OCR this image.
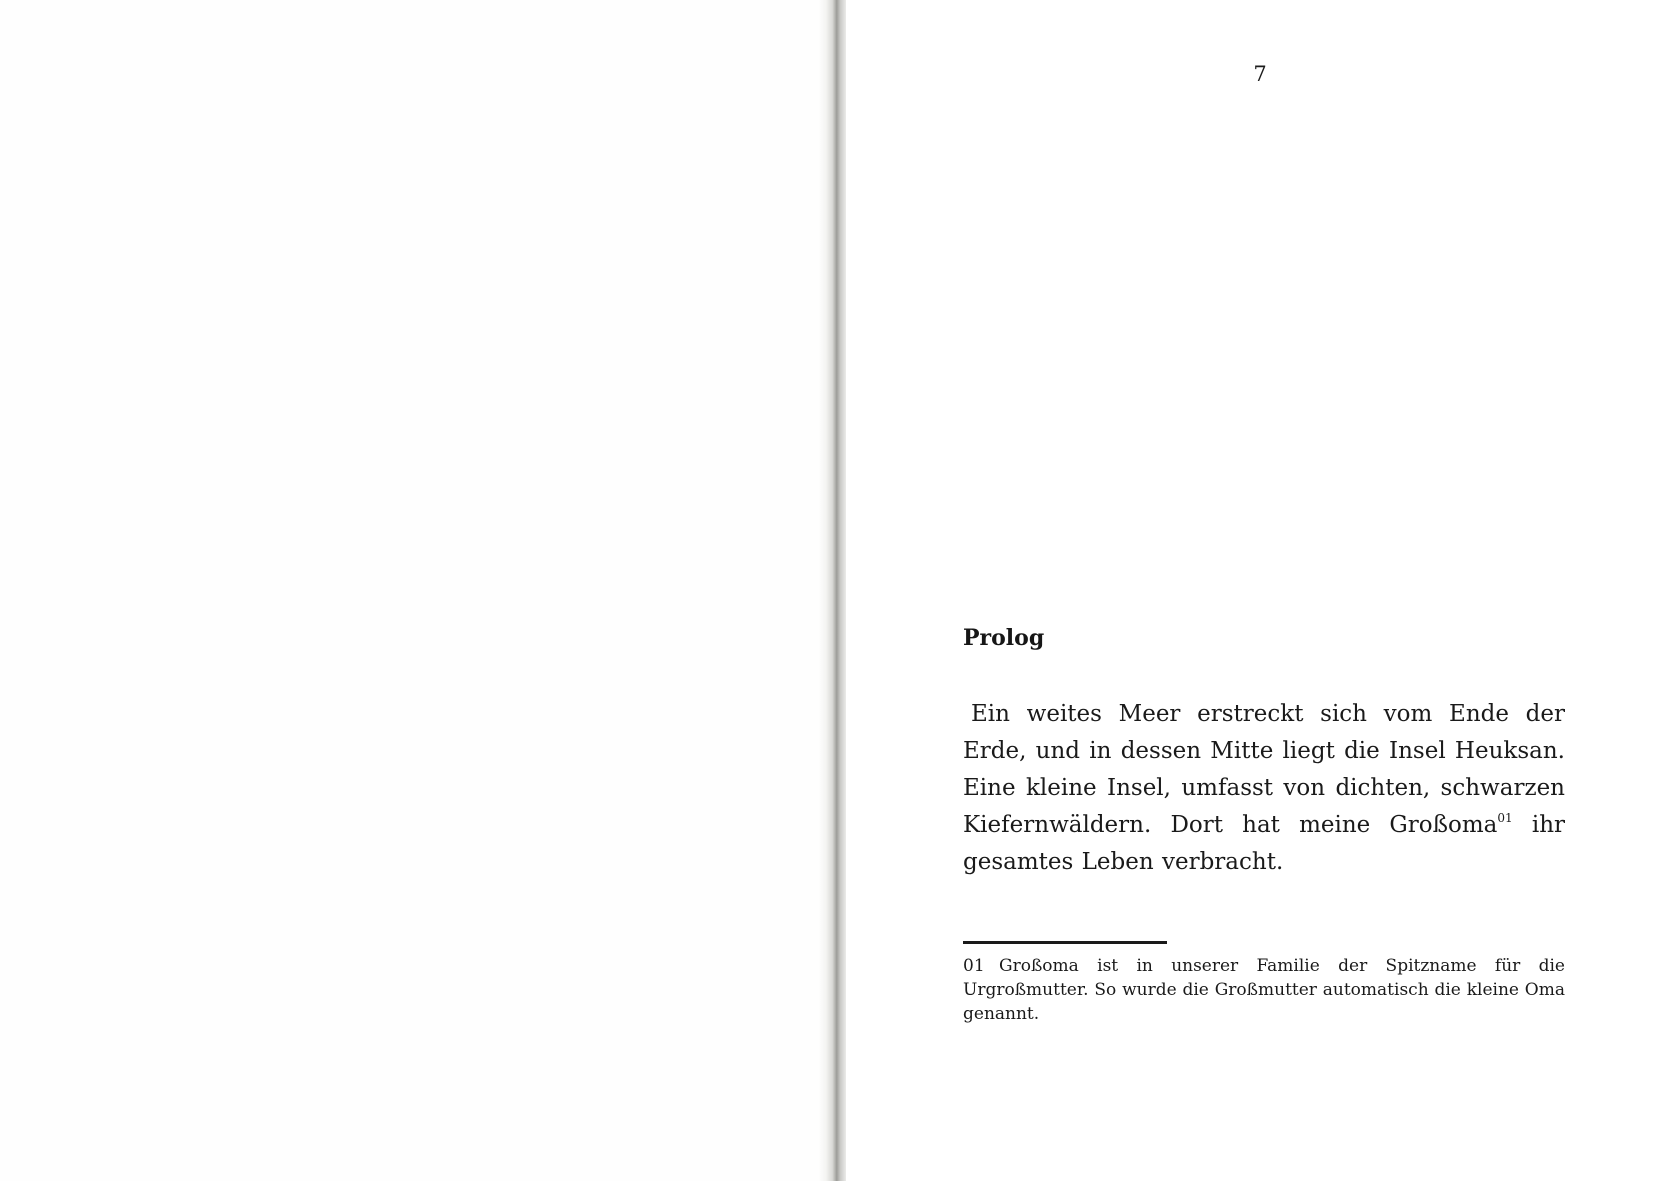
7
Prolog

Ein weites Meer erstreckt sich vom Ende der Erde, und in dessen Mitte liegt die Insel Heuksan. Eine kleine Insel, umfasst von dichten, schwarzen Kiefernwäldern. Dort hat meine Großoma$^{01}$ ihr gesamtes Leben verbracht.

01 Großoma ist in unserer Familie der Spitzname für die Urgroßmutter. So wurde die Großmutter automatisch die kleine Oma genannt.
